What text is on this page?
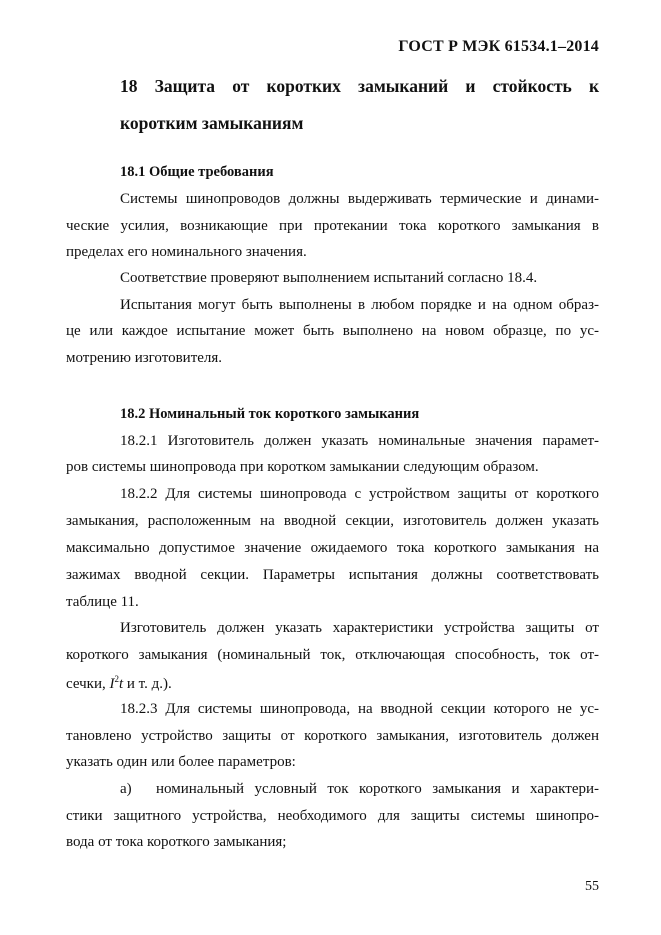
ГОСТ Р МЭК 61534.1–2014
18 Защита от коротких замыканий и стойкость к
коротким замыканиям
18.1 Общие требования
Системы шинопроводов должны выдерживать термические и динами-
ческие усилия, возникающие при протекании тока короткого замыкания в
пределах его номинального значения.
Соответствие проверяют выполнением испытаний согласно 18.4.
Испытания могут быть выполнены в любом порядке и на одном образ-
це или каждое испытание может быть выполнено на новом образце, по ус-
мотрению изготовителя.
18.2 Номинальный ток короткого замыкания
18.2.1 Изготовитель должен указать номинальные значения парамет-
ров системы шинопровода при коротком замыкании следующим образом.
18.2.2 Для системы шинопровода с устройством защиты от короткого
замыкания, расположенным на вводной секции, изготовитель должен указать
максимально допустимое значение ожидаемого тока короткого замыкания на
зажимах вводной секции. Параметры испытания должны соответствовать
таблице 11.
Изготовитель должен указать характеристики устройства защиты от
короткого замыкания (номинальный ток, отключающая способность, ток от-
сечки, $I^2t$ и т. д.).
18.2.3 Для системы шинопровода, на вводной секции которого не ус-
тановлено устройство защиты от короткого замыкания, изготовитель должен
указать один или более параметров:
а) номинальный условный ток короткого замыкания и характери-
стики защитного устройства, необходимого для защиты системы шинопро-
вода от тока короткого замыкания;
55
